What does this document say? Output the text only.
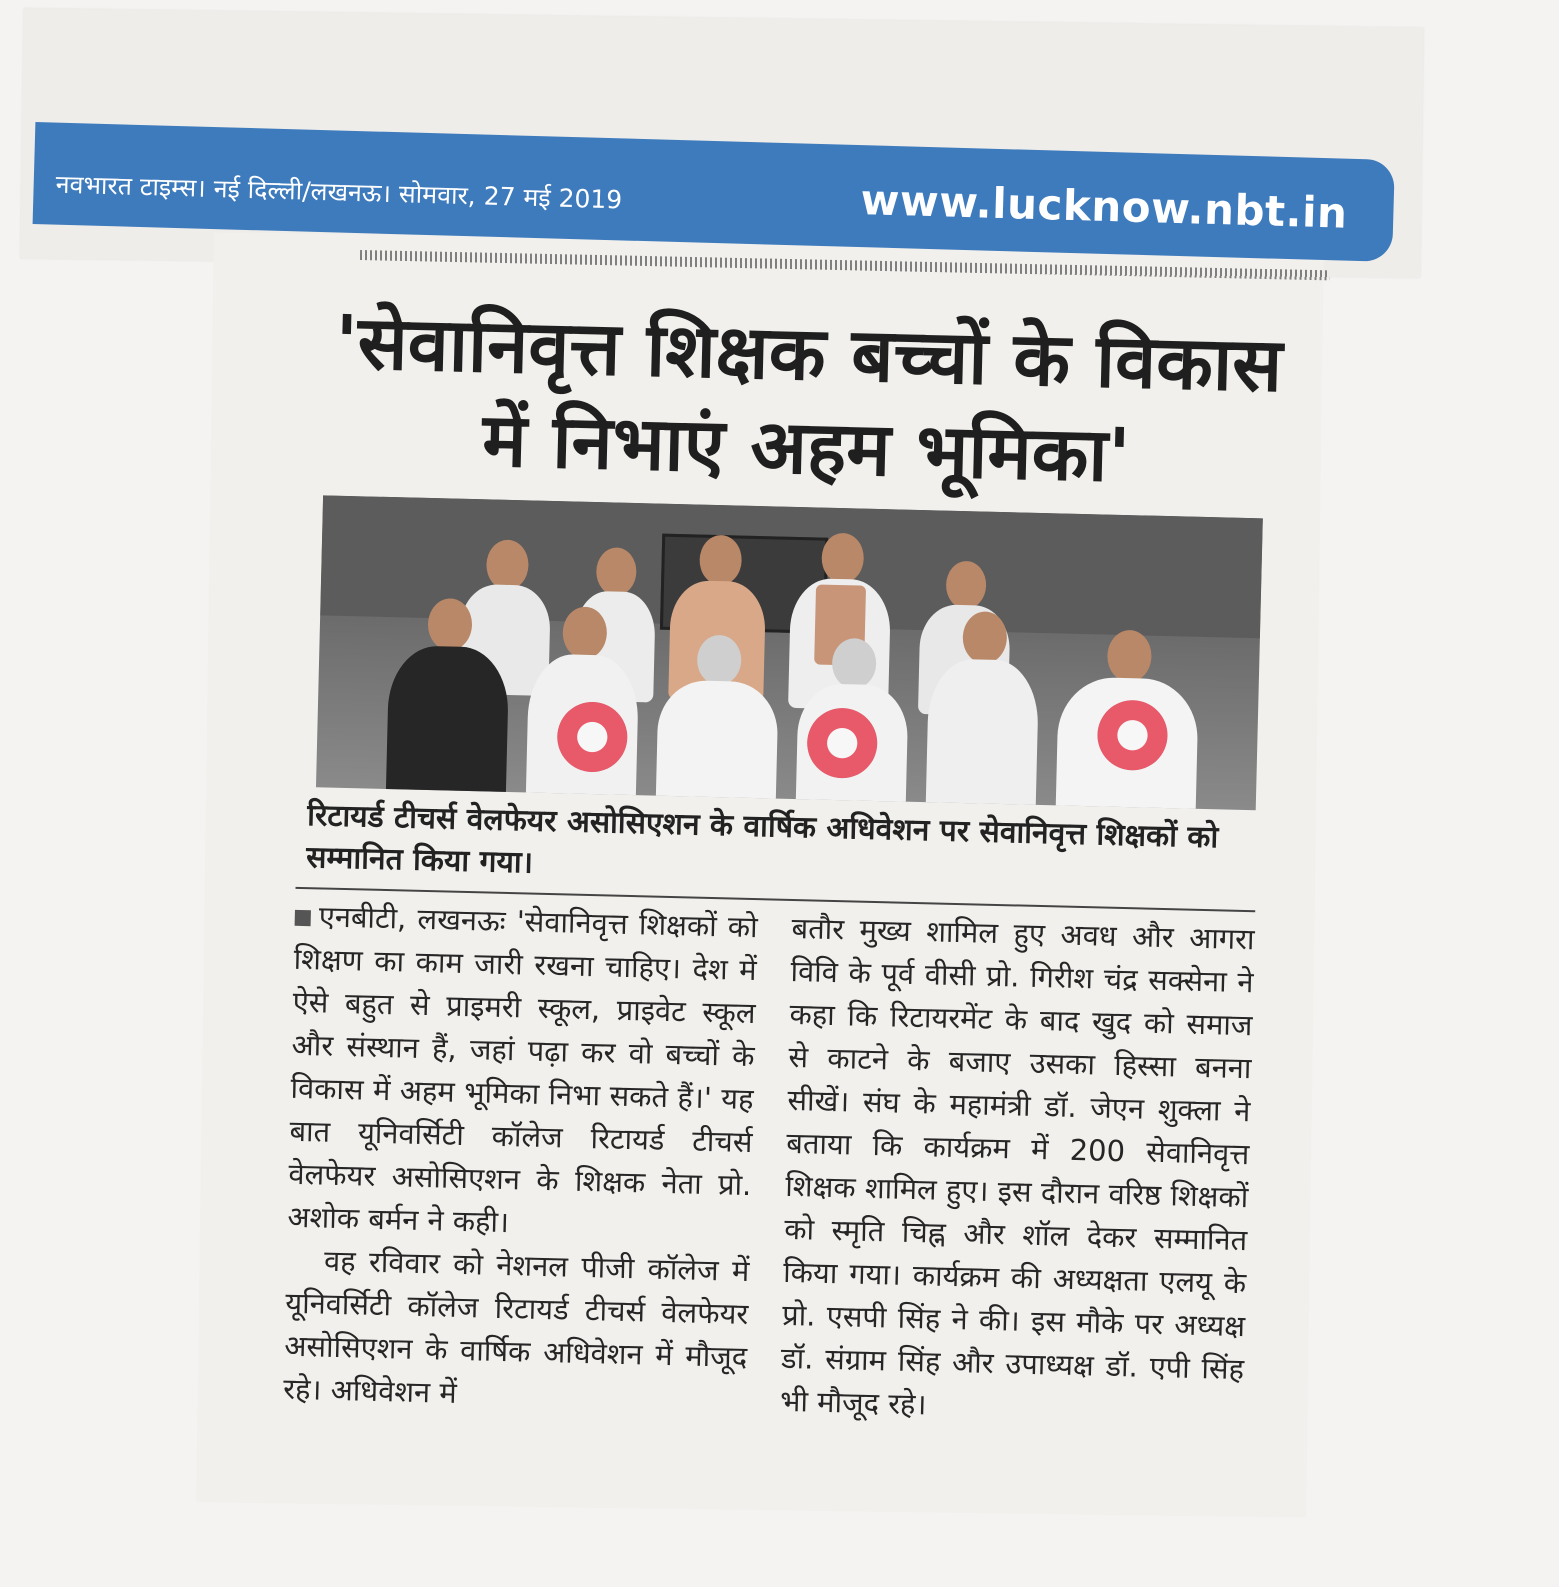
नवभारत टाइम्स। नई दिल्ली/लखनऊ। सोमवार, 27 मई 2019	www.lucknow.nbt.in
'सेवानिवृत्त शिक्षक बच्चों के विकास में निभाएं अहम भूमिका'
रिटायर्ड टीचर्स वेलफेयर असोसिएशन के वार्षिक अधिवेशन पर सेवानिवृत्त शिक्षकों को सम्मानित किया गया।

एनबीटी, लखनऊः 'सेवानिवृत्त शिक्षकों को शिक्षण का काम जारी रखना चाहिए। देश में ऐसे बहुत से प्राइमरी स्कूल, प्राइवेट स्कूल और संस्थान हैं, जहां पढ़ा कर वो बच्चों के विकास में अहम भूमिका निभा सकते हैं।' यह बात यूनिवर्सिटी कॉलेज रिटायर्ड टीचर्स वेलफेयर असोसिएशन के शिक्षक नेता प्रो. अशोक बर्मन ने कही।

वह रविवार को नेशनल पीजी कॉलेज में यूनिवर्सिटी कॉलेज रिटायर्ड टीचर्स वेलफेयर असोसिएशन के वार्षिक अधिवेशन में मौजूद रहे। अधिवेशन में

बतौर मुख्य शामिल हुए अवध और आगरा विवि के पूर्व वीसी प्रो. गिरीश चंद्र सक्सेना ने कहा कि रिटायरमेंट के बाद खुद को समाज से काटने के बजाए उसका हिस्सा बनना सीखें। संघ के महामंत्री डॉ. जेएन शुक्ला ने बताया कि कार्यक्रम में 200 सेवानिवृत्त शिक्षक शामिल हुए। इस दौरान वरिष्ठ शिक्षकों को स्मृति चिह्न और शॉल देकर सम्मानित किया गया। कार्यक्रम की अध्यक्षता एलयू के प्रो. एसपी सिंह ने की। इस मौके पर अध्यक्ष डॉ. संग्राम सिंह और उपाध्यक्ष डॉ. एपी सिंह भी मौजूद रहे।
